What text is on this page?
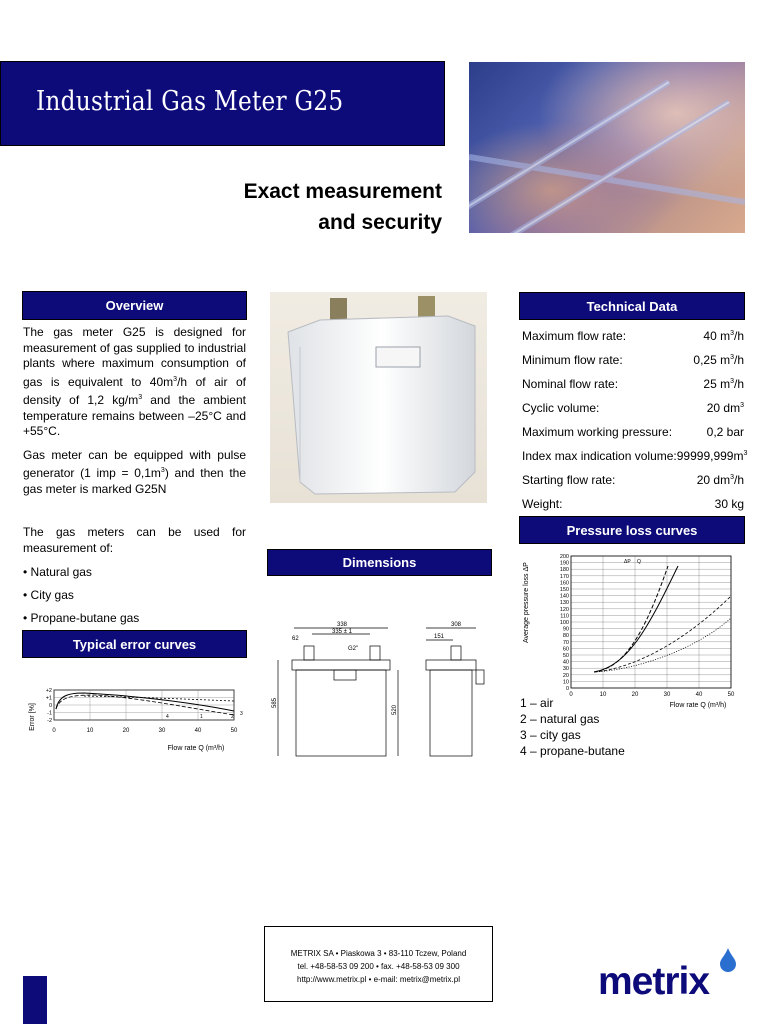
Industrial Gas Meter G25
Exact measurement
and security
Overview

The gas meter G25 is designed for measurement of gas supplied to industrial plants where maximum consumption of gas is equivalent to $40m^3/h$ of air of density of 1,2 $kg/m^3$ and the ambient temperature remains between –25°C and +55°C.

Gas meter can be equipped with pulse generator (1 imp = $0,1m^3$) and then the gas meter is marked G25N

The gas meters can be used for measurement of:
• Natural gas
• City gas
• Propane-butane gas
Technical Data
Maximum flow rate:	40 $m^3/h$
Minimum flow rate:	0,25 $m^3/h$
Nominal flow rate:	25 $m^3/h$
Cyclic volume:	20 $dm^3$
Maximum working pressure:	0,2 bar
Index max indication volume: $99999,999m^3$
Starting flow rate:	20 $dm^3/h$
Weight:	30 kg
Pressure loss curves
Average pressure loss ΔP
200
190
180
170
160
150
140
130
120
110
100
90
80
70
60
50
40
30
20
10
0
ΔP Q
0	10	20	30	40	50
Flow rate Q (m³/h)
1 – air
2 – natural gas
3 – city gas
4 – propane-butane
Typical error curves
Error [%]
+2
+1
0
-1
-2
4	1	2 3
0	10	20	30	40	50
Flow rate Q (m³/h)
Dimensions
338
335 ± 1
62
G2"
585
520
308
151
METRIX SA • Piaskowa 3 • 83-110 Tczew, Poland
tel. +48-58-53 09 200 • fax. +48-58-53 09 300
http://www.metrix.pl • e-mail: metrix@metrix.pl	metrix
